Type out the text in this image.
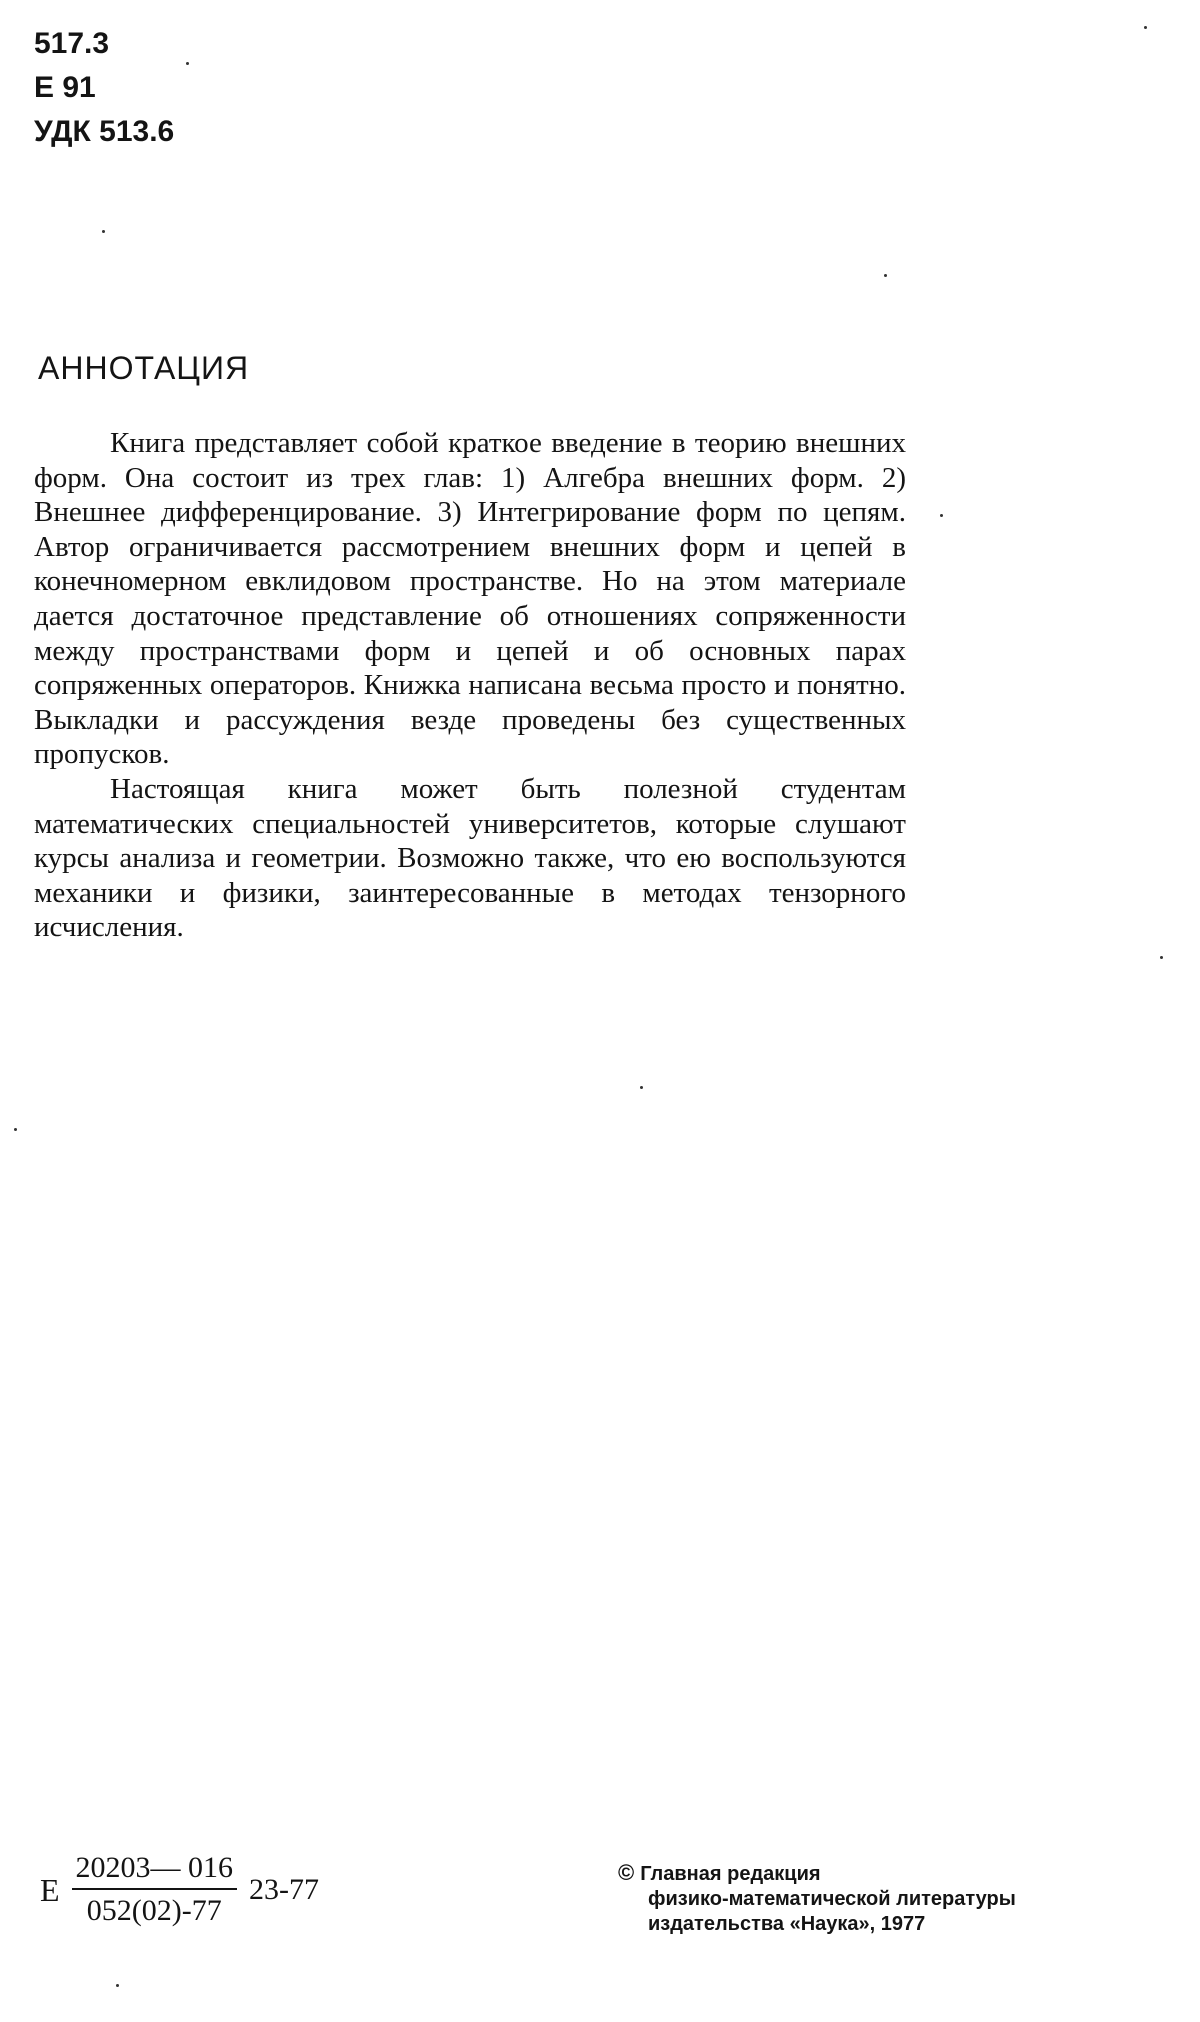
517.3
Е 91
УДК 513.6
АННОТАЦИЯ

Книга представляет собой краткое введение в теорию внешних форм. Она состоит из трех глав: 1) Алгебра внешних форм. 2) Внешнее дифференцирование. 3) Интегрирование форм по цепям. Автор ограничивается рассмотрением внешних форм и цепей в конечномерном евклидовом пространстве. Но на этом материале дается достаточное представление об отношениях сопряженности между пространствами форм и цепей и об основных парах сопряженных операторов. Книжка написана весьма просто и понятно. Выкладки и рассуждения везде проведены без существенных пропусков.

Настоящая книга может быть полезной студентам математических специальностей университетов, которые слушают курсы анализа и геометрии. Возможно также, что ею воспользуются механики и физики, заинтересованные в методах тензорного исчисления.

Е $\frac{20203— 016}{052(02)-77} 23-77$
© Главная редакция
физико-математической литературы
издательства «Наука», 1977
